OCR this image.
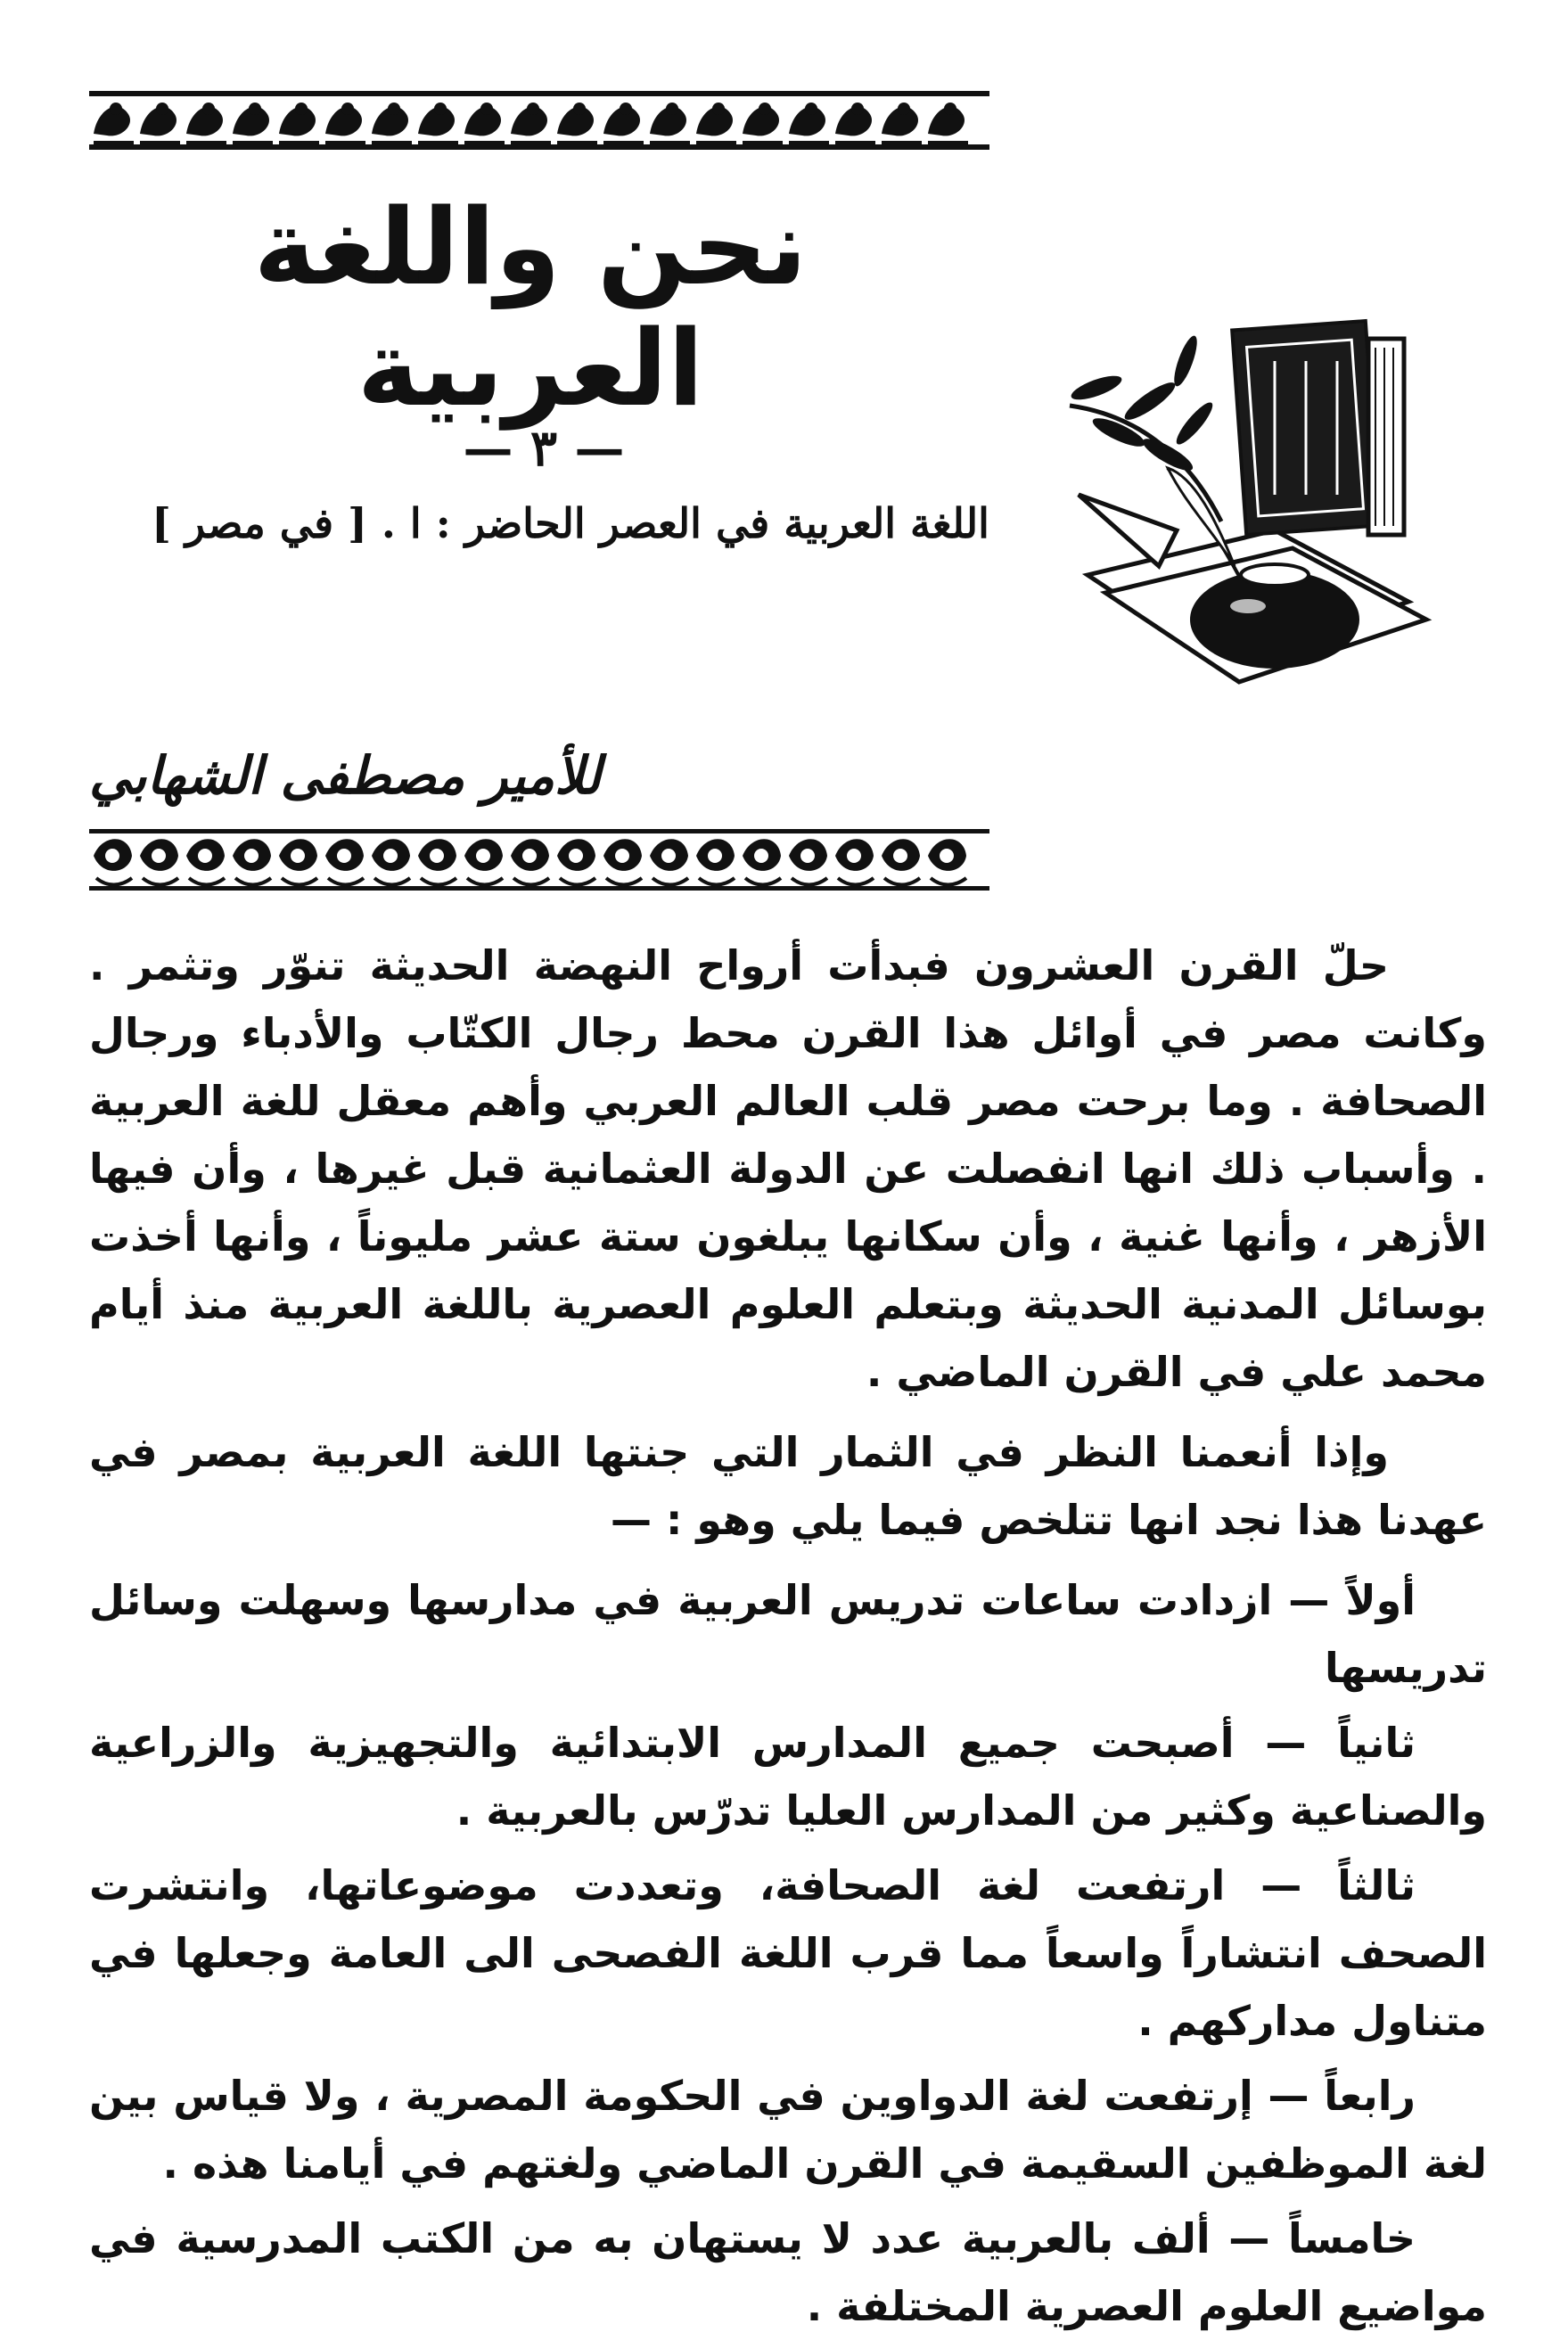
نحن واللغة العربية
— ٣ —
اللغة العربية في العصر الحاضر : ا . [ في مصر ]
للأمير مصطفى الشهابي

حلّ القرن العشرون فبدأت أرواح النهضة الحديثة تنوّر وتثمر . وكانت مصر في أوائل هذا القرن محط رجال الكتّاب والأدباء ورجال الصحافة . وما برحت مصر قلب العالم العربي وأهم معقل للغة العربية . وأسباب ذلك انها انفصلت عن الدولة العثمانية قبل غيرها ، وأن فيها الأزهر ، وأنها غنية ، وأن سكانها يبلغون ستة عشر مليوناً ، وأنها أخذت بوسائل المدنية الحديثة وبتعلم العلوم العصرية باللغة العربية منذ أيام محمد علي في القرن الماضي .

وإذا أنعمنا النظر في الثمار التي جنتها اللغة العربية بمصر في عهدنا هذا نجد انها تتلخص فيما يلي وهو : —

أولاً — ازدادت ساعات تدريس العربية في مدارسها وسهلت وسائل تدريسها

ثانياً — أصبحت جميع المدارس الابتدائية والتجهيزية والزراعية والصناعية وكثير من المدارس العليا تدرّس بالعربية .

ثالثاً — ارتفعت لغة الصحافة، وتعددت موضوعاتها، وانتشرت الصحف انتشاراً واسعاً مما قرب اللغة الفصحى الى العامة وجعلها في متناول مداركهم .

رابعاً — إرتفعت لغة الدواوين في الحكومة المصرية ، ولا قياس بين لغة الموظفين السقيمة في القرن الماضي ولغتهم في أيامنا هذه .

خامساً — ألف بالعربية عدد لا يستهان به من الكتب المدرسية في مواضيع العلوم العصرية المختلفة .
